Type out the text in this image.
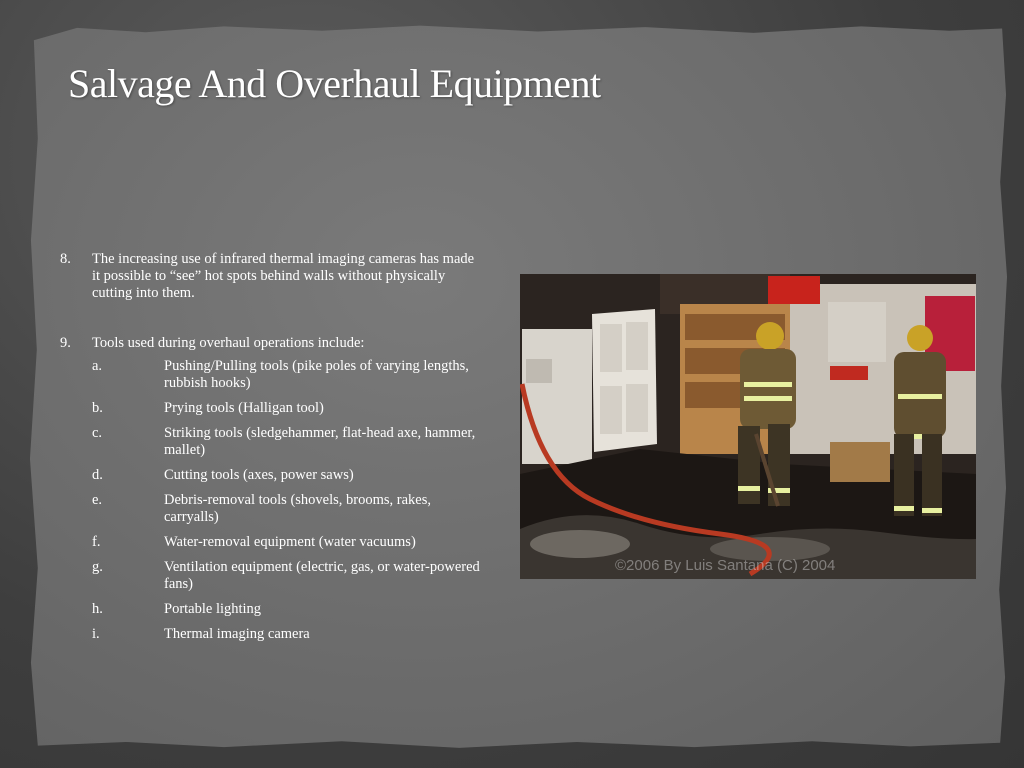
Salvage And Overhaul Equipment
8.	The increasing use of infrared thermal imaging cameras has made it possible to “see” hot spots behind walls without physically cutting into them.
9.	Tools used during overhaul operations include:
a.	Pushing/Pulling tools (pike poles of varying lengths, rubbish hooks)
b.	Prying tools (Halligan tool)
c.	Striking tools (sledgehammer, flat-head axe, hammer, mallet)
d.	Cutting tools (axes, power saws)
e.	Debris-removal tools (shovels, brooms, rakes, carryalls)
f.	Water-removal equipment (water vacuums)
g.	Ventilation equipment (electric, gas, or water-powered fans)
h.	Portable lighting
i.	Thermal imaging camera
©2006 By Luis Santana (C) 2004
